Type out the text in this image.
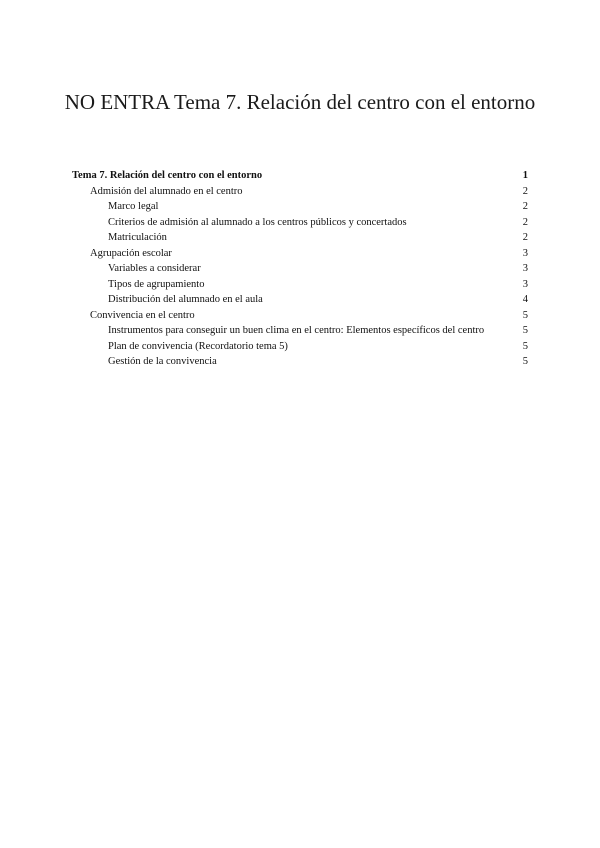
NO ENTRA Tema 7. Relación del centro con el entorno
Tema 7. Relación del centro con el entorno	1
Admisión del alumnado en el centro	2
Marco legal	2
Criterios de admisión al alumnado a los centros públicos y concertados	2
Matriculación	2
Agrupación escolar	3
Variables a considerar	3
Tipos de agrupamiento	3
Distribución del alumnado en el aula	4
Convivencia en el centro	5
Instrumentos para conseguir un buen clima en el centro: Elementos específicos del centro	5
Plan de convivencia (Recordatorio tema 5)	5
Gestión de la convivencia	5
